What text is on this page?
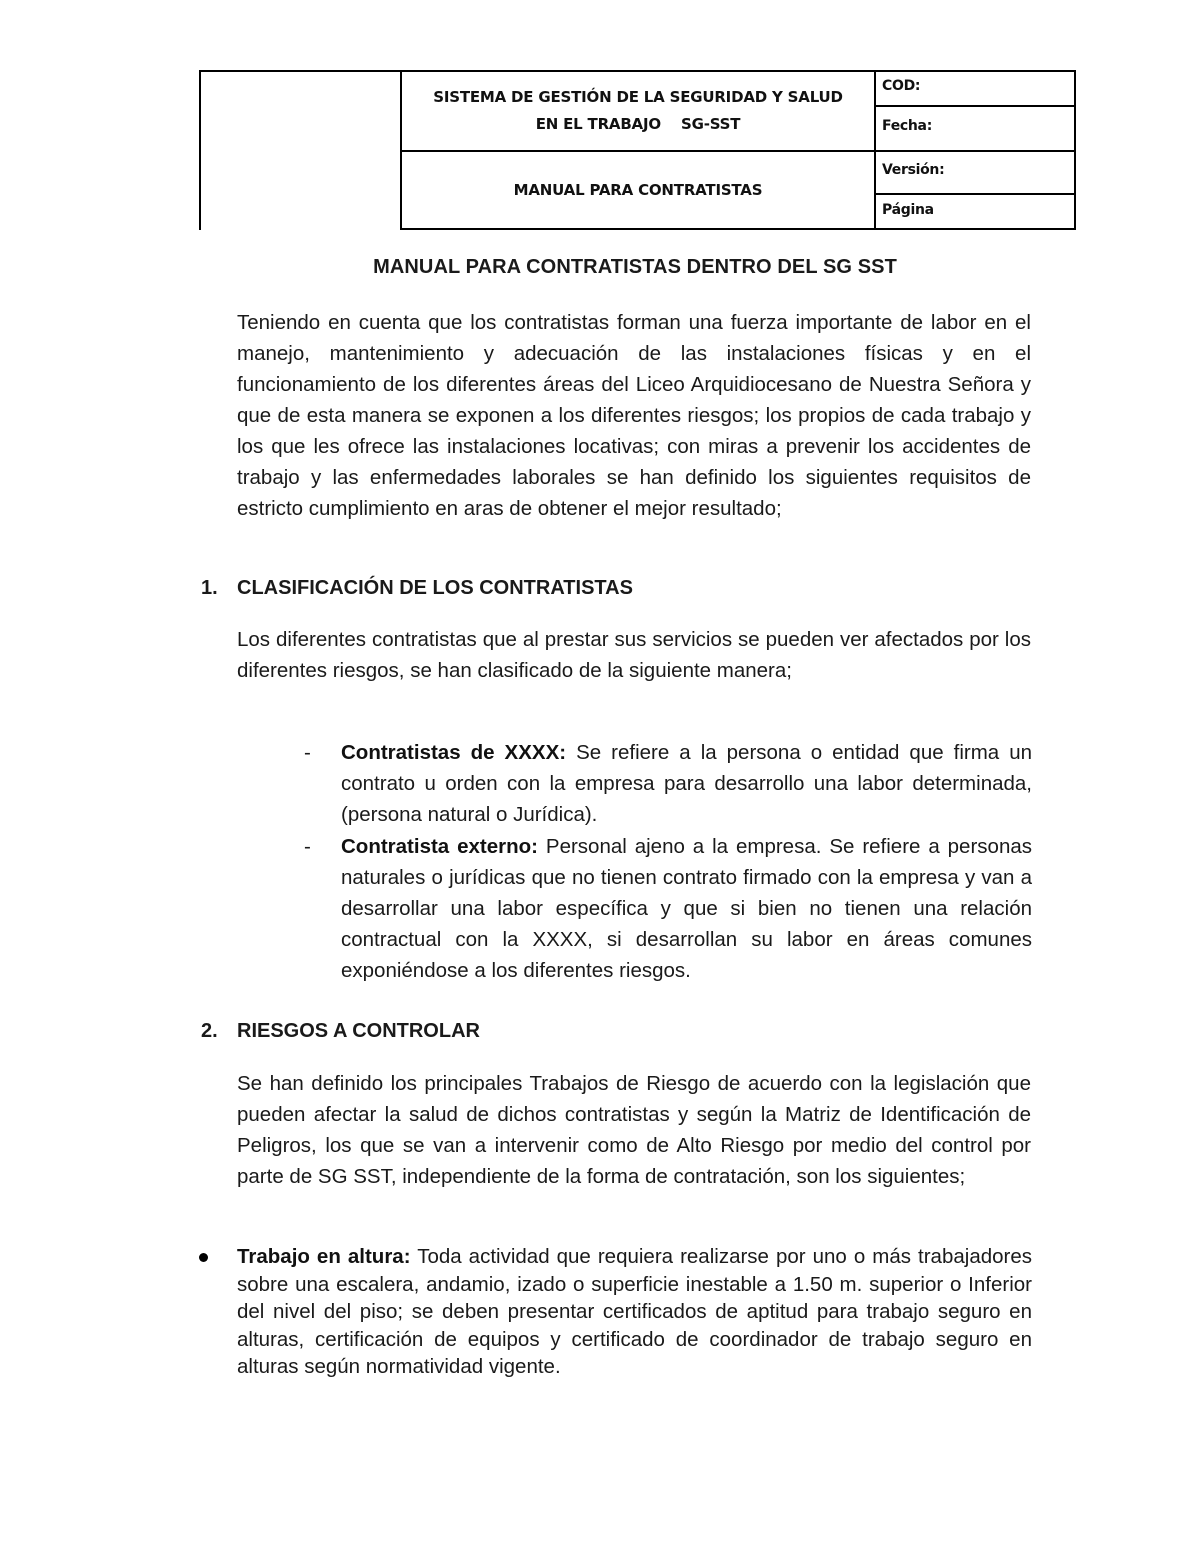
SISTEMA DE GESTIÓN DE LA SEGURIDAD Y SALUD
EN EL TRABAJO    SG-SST
MANUAL PARA CONTRATISTAS
COD:
Fecha:
Versión:
Página
MANUAL PARA CONTRATISTAS DENTRO DEL SG SST
Teniendo en cuenta que los contratistas forman una fuerza importante de labor en el manejo, mantenimiento y adecuación de las instalaciones físicas y en el funcionamiento de los diferentes áreas del Liceo Arquidiocesano de Nuestra Señora y que de esta manera se exponen a los diferentes riesgos; los propios de cada trabajo y los que les ofrece las instalaciones locativas; con miras a prevenir los accidentes de trabajo y las enfermedades laborales se han definido los siguientes requisitos de estricto cumplimiento en aras de obtener el mejor resultado;
1. CLASIFICACIÓN DE LOS CONTRATISTAS
Los diferentes contratistas que al prestar sus servicios se pueden ver afectados por los diferentes riesgos, se han clasificado de la siguiente manera;
- Contratistas de XXXX: Se refiere a la persona o entidad que firma un contrato u orden con la empresa para desarrollo una labor determinada, (persona natural o Jurídica).
- Contratista externo: Personal ajeno a la empresa. Se refiere a personas naturales o jurídicas que no tienen contrato firmado con la empresa y van a desarrollar una labor específica y que si bien no tienen una relación contractual con la XXXX, si desarrollan su labor en áreas comunes exponiéndose a los diferentes riesgos.
2. RIESGOS A CONTROLAR
Se han definido los principales Trabajos de Riesgo de acuerdo con la legislación que pueden afectar la salud de dichos contratistas y según la Matriz de Identificación de Peligros, los que se van a intervenir como de Alto Riesgo por medio del control por parte de SG SST, independiente de la forma de contratación, son los siguientes;
Trabajo en altura: Toda actividad que requiera realizarse por uno o más trabajadores sobre una escalera, andamio, izado o superficie inestable a 1.50 m. superior o Inferior del nivel del piso; se deben presentar certificados de aptitud para trabajo seguro en alturas, certificación de equipos y certificado de coordinador de trabajo seguro en alturas según normatividad vigente.
